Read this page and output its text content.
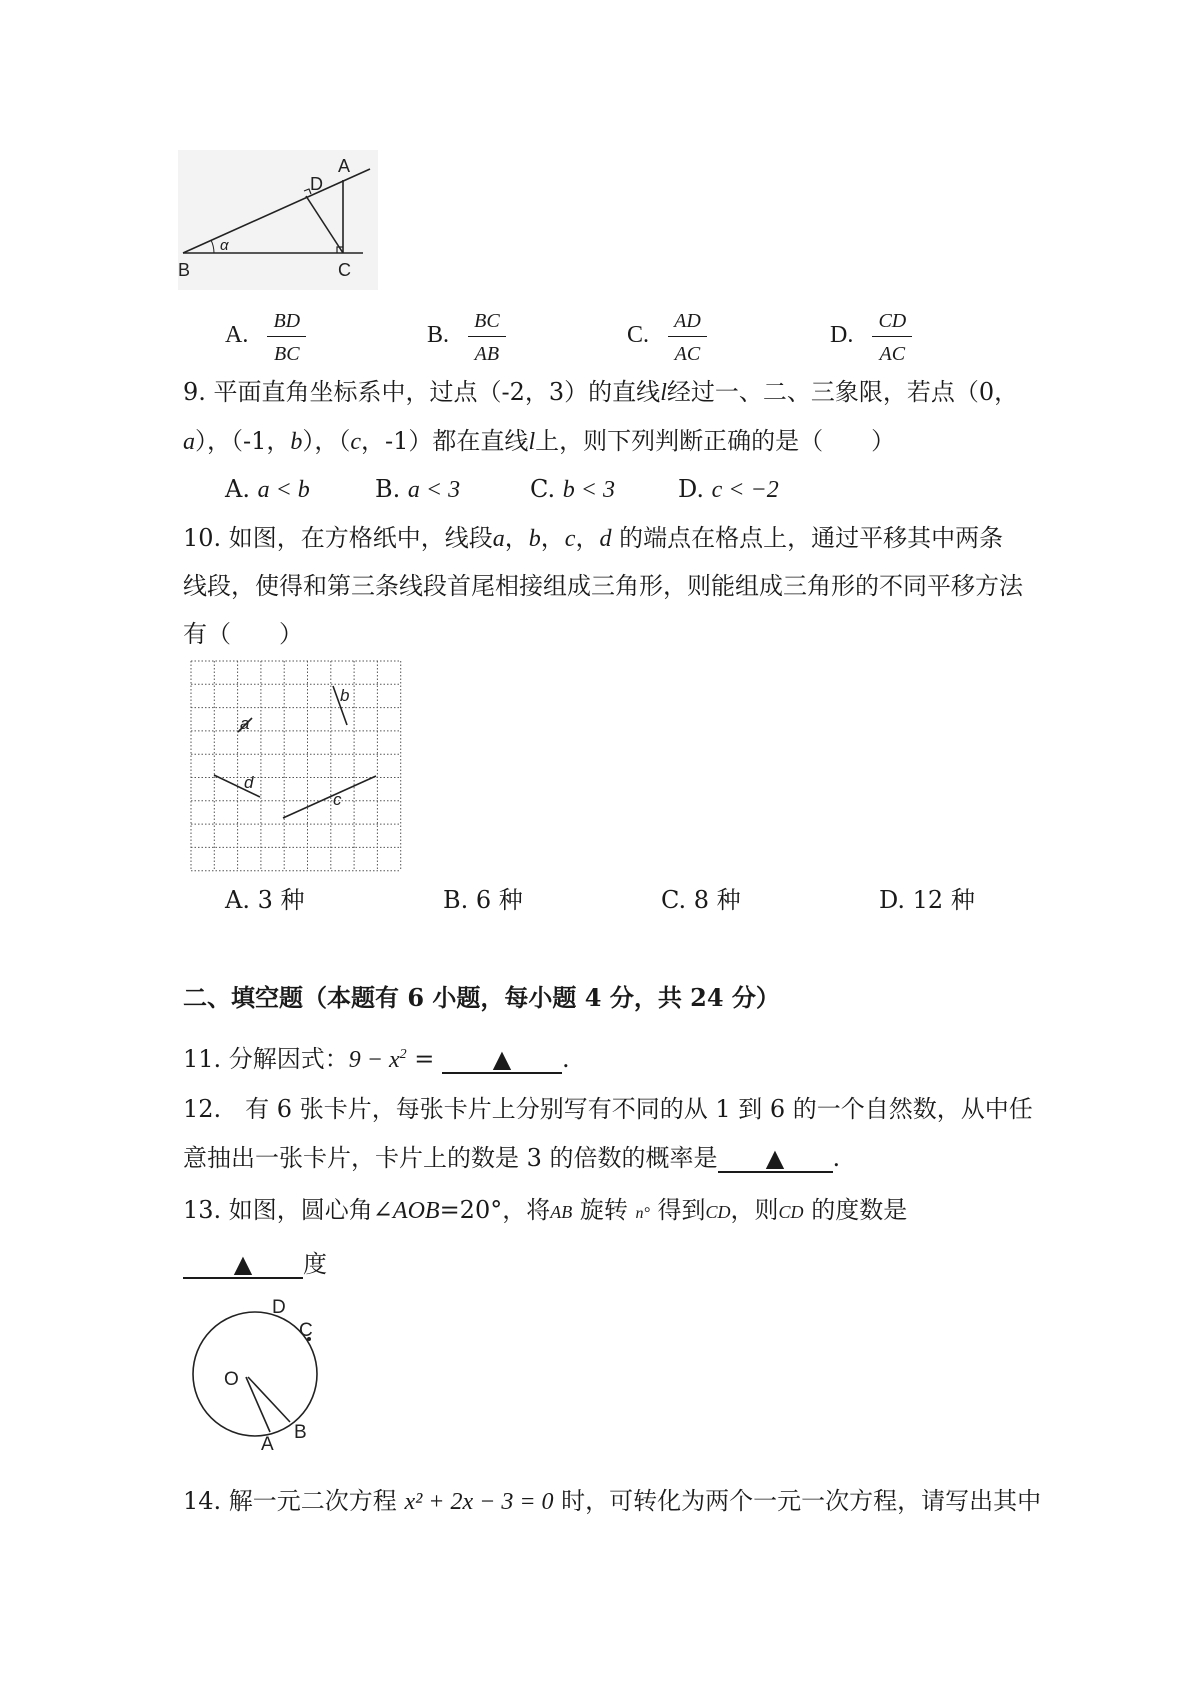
α
A
D
B	C
A. $\frac{BD}{BC}$	B. $\frac{BC}{AB}$	C. $\frac{AD}{AC}$	D. $\frac{CD}{AC}$
9. 平面直角坐标系中，过点（-2，3）的直线l经过一、二、三象限，若点（0，
a），（-1，b），（c，-1）都在直线l上，则下列判断正确的是（　　）
A. a < b	B. a < 3	C. b < 3	D. c < −2
10. 如图，在方格纸中，线段a，b，c，d 的端点在格点上，通过平移其中两条
线段，使得和第三条线段首尾相接组成三角形，则能组成三角形的不同平移方法
有（　　）
a
b
d
c
A. 3 种	B. 6 种	C. 8 种	D. 12 种
二、填空题（本题有 6 小题，每小题 4 分，共 24 分）
11. 分解因式：$9 - x^2$ = ▲ .
12.　有 6 张卡片，每张卡片上分别写有不同的从 1 到 6 的一个自然数，从中任
意抽出一张卡片，卡片上的数是 3 的倍数的概率是 ▲ .
13. 如图，圆心角∠AOB=20°，将AB 旋转 n° 得到CD，则CD 的度数是
▲ 度
O
D
C
A
B
14. 解一元二次方程 x² + 2x − 3 = 0 时，可转化为两个一元一次方程，请写出其中
